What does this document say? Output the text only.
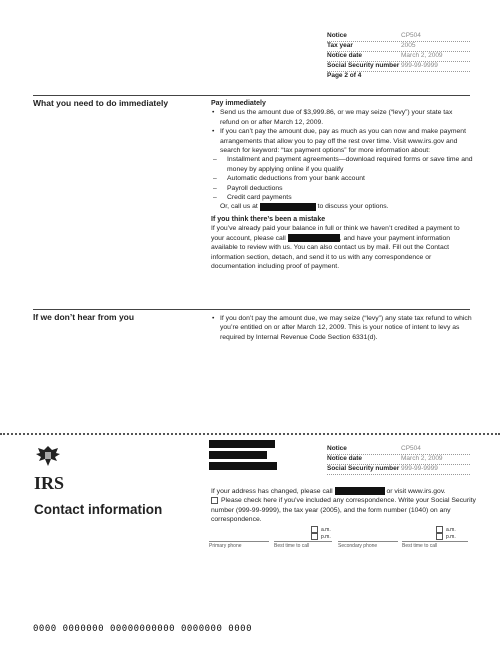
Notice	CP504
Tax year	2005
Notice date	March 2, 2009
Social Security number 999-99-9999
Page 2 of 4
What you need to do immediately	Pay immediately

• Send us the amount due of $3,999.86, or we may seize (“levy”) your state tax refund on or after March 12, 2009.
• If you can’t pay the amount due, pay as much as you can now and make payment arrangements that allow you to pay off the rest over time. Visit www.irs.gov and search for keyword: “tax payment options” for more information about:
– Installment and payment agreements—download required forms or save time and money by applying online if you qualify
– Automatic deductions from your bank account
– Payroll deductions
– Credit card payments
Or, call us at	to discuss your options.

If you think there’s been a mistake

If you’ve already paid your balance in full or think we haven’t credited a payment to your account, please call	, and have your payment information available to review with us. You can also contact us by mail. Fill out the Contact information section, detach, and send it to us with any correspondence or documentation including proof of payment.

If we don’t hear from you
•	If you don’t pay the amount due, we may seize (“levy”) any state tax refund to which you’re entitled on or after March 12, 2009. This is your notice of intent to levy as required by Internal Revenue Code Section 6331(d).
IRS
Contact information
Notice	CP504
Notice date	March 2, 2009
Social Security number 999-99-9999

If your address has changed, please call	or visit www.irs.gov.

Please check here if you’ve included any correspondence. Write your Social Security number (999-99-9999), the tax year (2005), and the form number (1040) on any correspondence.

a.m.
p.m.
a.m.
p.m.
Primary phone	Best time to call	Secondary phone	Best time to call
0000 0000000 00000000000 0000000 0000
